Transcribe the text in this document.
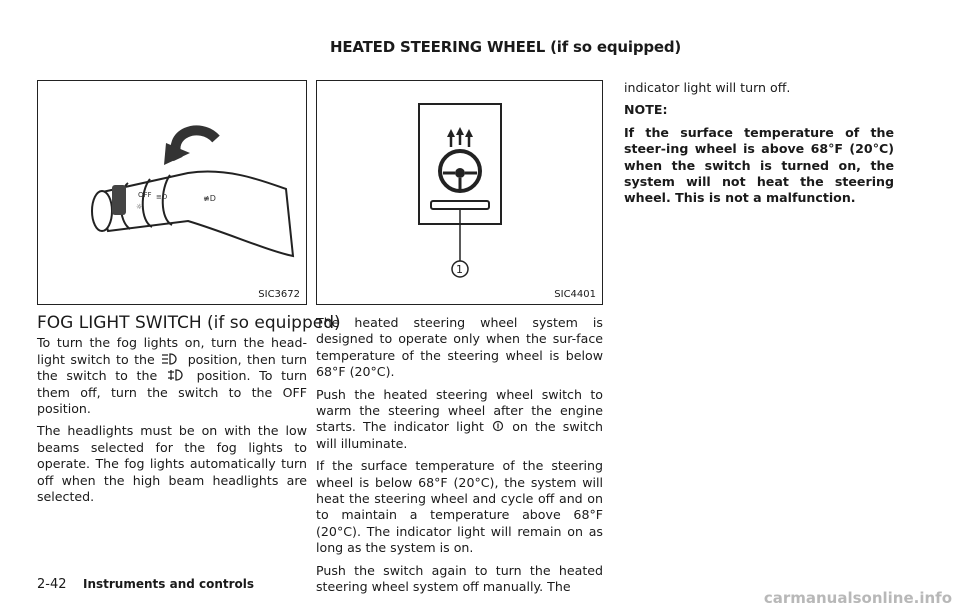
HEATED STEERING WHEEL (if so equipped)
OFF
☼
≡D	≢D
SIC3672
1
SIC4401
FOG LIGHT SWITCH (if so equipped)

To turn the fog lights on, turn the head-light switch to the	position, then turn the switch to the	position. To turn them off, turn the switch to the OFF position.

The headlights must be on with the low beams selected for the fog lights to operate. The fog lights automatically turn off when the high beam headlights are selected.

The heated steering wheel system is designed to operate only when the sur-face temperature of the steering wheel is below 68°F (20°C).

Push the heated steering wheel switch to warm the steering wheel after the engine starts. The indicator light on the switch will illuminate.

If the surface temperature of the steering wheel is below 68°F (20°C), the system will heat the steering wheel and cycle off and on to maintain a temperature above 68°F (20°C). The indicator light will remain on as long as the system is on.

Push the switch again to turn the heated steering wheel system off manually. The

indicator light will turn off.

NOTE:

If the surface temperature of the steer-ing wheel is above 68°F (20°C) when the switch is turned on, the system will not heat the steering wheel. This is not a malfunction.

2-42 Instruments and controls
carmanualsonline.info
